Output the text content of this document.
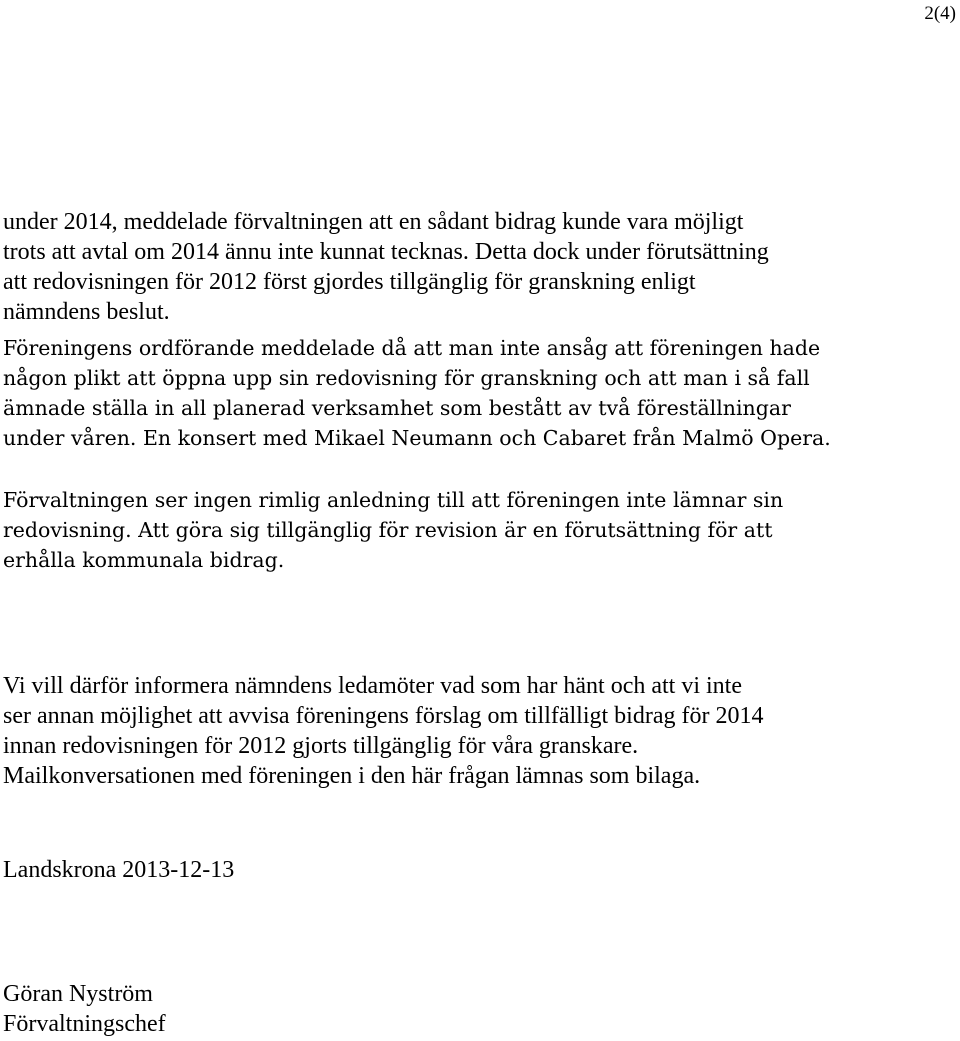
2(4)
under 2014, meddelade förvaltningen att en sådant bidrag kunde vara möjligt
trots att avtal om 2014 ännu inte kunnat tecknas. Detta dock under förutsättning
att redovisningen för 2012 först gjordes tillgänglig för granskning enligt
nämndens beslut.
Föreningens ordförande meddelade då att man inte ansåg att föreningen hade
någon plikt att öppna upp sin redovisning för granskning och att man i så fall
ämnade ställa in all planerad verksamhet som bestått av två föreställningar
under våren. En konsert med Mikael Neumann och Cabaret från Malmö Opera.
Förvaltningen ser ingen rimlig anledning till att föreningen inte lämnar sin
redovisning. Att göra sig tillgänglig för revision är en förutsättning för att
erhålla kommunala bidrag.
Vi vill därför informera nämndens ledamöter vad som har hänt och att vi inte
ser annan möjlighet att avvisa föreningens förslag om tillfälligt bidrag för 2014
innan redovisningen för 2012 gjorts tillgänglig för våra granskare.
Mailkonversationen med föreningen i den här frågan lämnas som bilaga.
Landskrona 2013-12-13
Göran Nyström
Förvaltningschef
